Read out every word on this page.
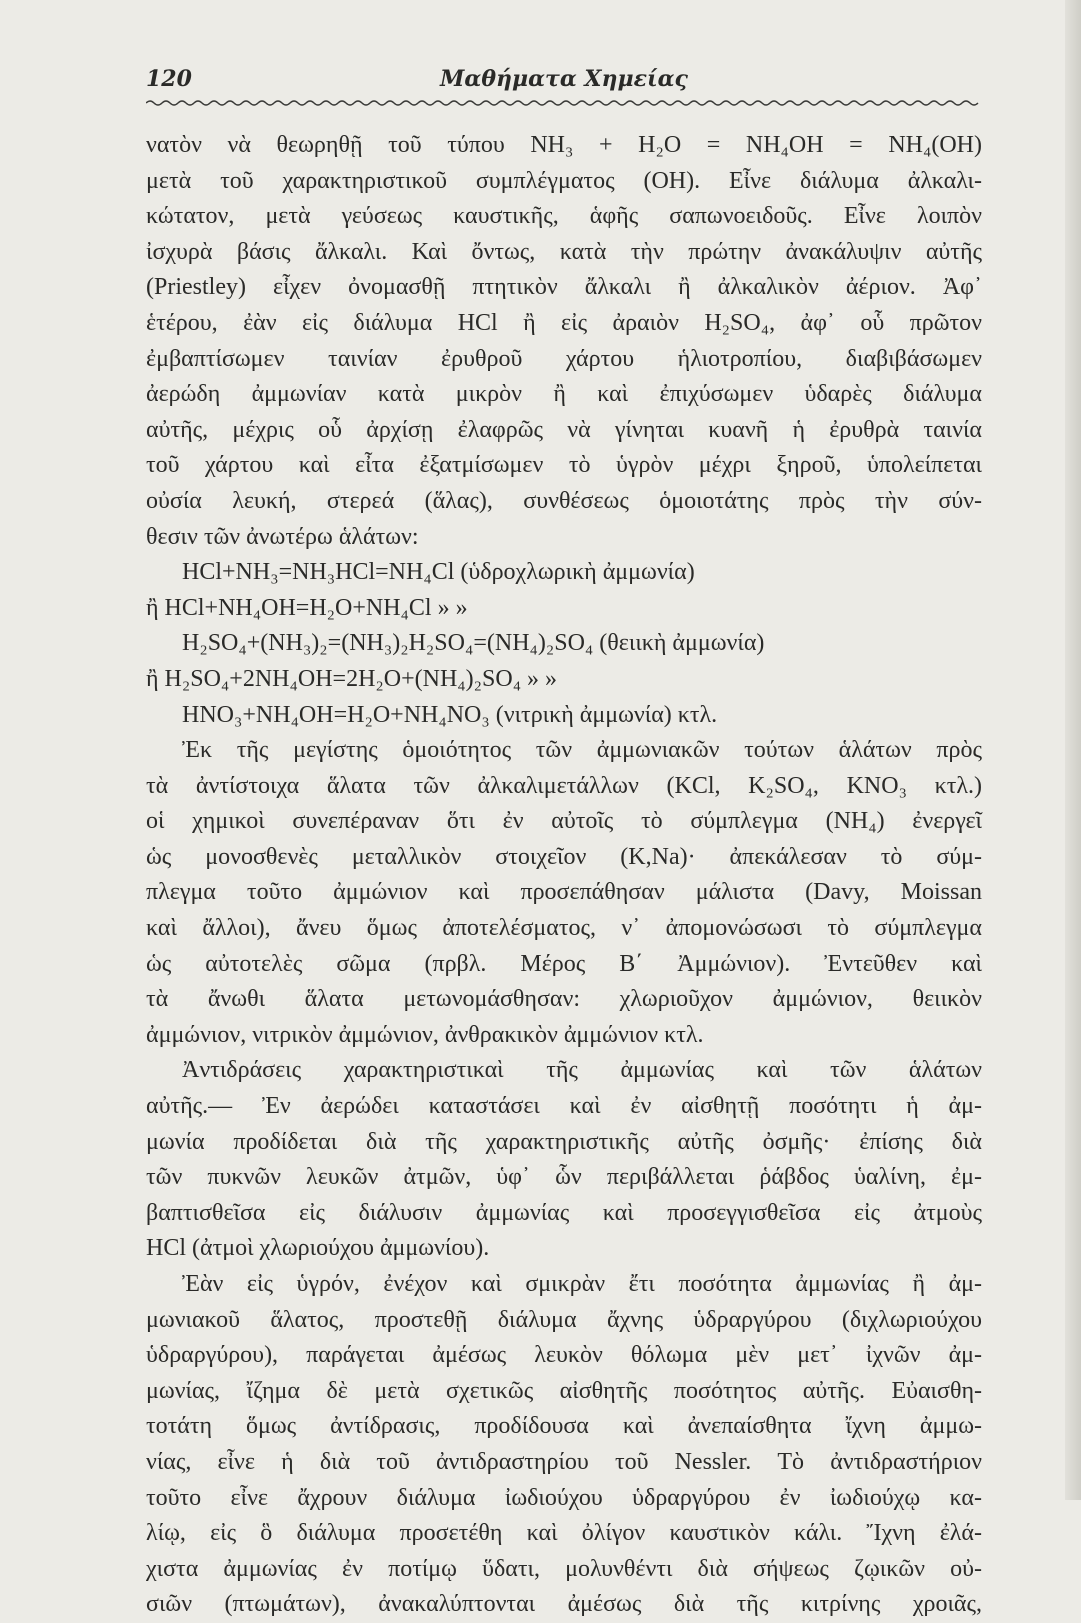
120	Μαθήματα Χημείας
νατὸν νὰ θεωρηθῇ τοῦ τύπου NH₃ + H₂O = NH₄OH = NH₄(OH)
μετὰ τοῦ χαρακτηριστικοῦ συμπλέγματος (OH). Εἶνε διάλυμα ἀλκαλι-
κώτατον, μετὰ γεύσεως καυστικῆς, ἁφῆς σαπωνοειδοῦς. Εἶνε λοιπὸν
ἰσχυρὰ βάσις ἄλκαλι. Καὶ ὄντως, κατὰ τὴν πρώτην ἀνακάλυψιν αὐτῆς
(Priestley) εἶχεν ὀνομασθῇ πτητικὸν ἄλκαλι ἢ ἀλκαλικὸν ἀέριον. Ἀφ᾽
ἑτέρου, ἐὰν εἰς διάλυμα HCl ἢ εἰς ἀραιὸν H₂SO₄, ἀφ᾽ οὗ πρῶτον
ἐμβαπτίσωμεν ταινίαν ἐρυθροῦ χάρτου ἡλιοτροπίου, διαβιβάσωμεν
ἀερώδη ἀμμωνίαν κατὰ μικρὸν ἢ καὶ ἐπιχύσωμεν ὑδαρὲς διάλυμα
αὐτῆς, μέχρις οὗ ἀρχίσῃ ἐλαφρῶς νὰ γίνηται κυανῆ ἡ ἐρυθρὰ ταινία
τοῦ χάρτου καὶ εἶτα ἐξατμίσωμεν τὸ ὑγρὸν μέχρι ξηροῦ, ὑπολείπεται
οὐσία λευκή, στερεά (ἅλας), συνθέσεως ὁμοιοτάτης πρὸς τὴν σύν-
θεσιν τῶν ἀνωτέρω ἁλάτων:
HCl+NH₃=NH₃HCl=NH₄Cl (ὑδροχλωρικὴ ἀμμωνία)
ἢ HCl+NH₄OH=H₂O+NH₄Cl » »
H₂SO₄+(NH₃)₂=(NH₃)₂H₂SO₄=(NH₄)₂SO₄ (θειικὴ ἀμμωνία)
ἢ H₂SO₄+2NH₄OH=2H₂O+(NH₄)₂SO₄ » »
HNO₃+NH₄OH=H₂O+NH₄NO₃ (νιτρικὴ ἀμμωνία) κτλ.
Ἐκ τῆς μεγίστης ὁμοιότητος τῶν ἀμμωνιακῶν τούτων ἁλάτων πρὸς
τὰ ἀντίστοιχα ἅλατα τῶν ἀλκαλιμετάλλων (KCl, K₂SO₄, KNO₃ κτλ.)
οἱ χημικοὶ συνεπέραναν ὅτι ἐν αὐτοῖς τὸ σύμπλεγμα (NH₄) ἐνεργεῖ
ὡς μονοσθενὲς μεταλλικὸν στοιχεῖον (K,Na)· ἀπεκάλεσαν τὸ σύμ-
πλεγμα τοῦτο ἀμμώνιον καὶ προσεπάθησαν μάλιστα (Davy, Moissan
καὶ ἄλλοι), ἄνευ ὅμως ἀποτελέσματος, ν᾽ ἀπομονώσωσι τὸ σύμπλεγμα
ὡς αὐτοτελὲς σῶμα (πρβλ. Μέρος Β΄ Ἀμμώνιον). Ἐντεῦθεν καὶ
τὰ ἄνωθι ἅλατα μετωνομάσθησαν: χλωριοῦχον ἀμμώνιον, θειικὸν
ἀμμώνιον, νιτρικὸν ἀμμώνιον, ἀνθρακικὸν ἀμμώνιον κτλ.
Ἀντιδράσεις χαρακτηριστικαὶ τῆς ἀμμωνίας καὶ τῶν ἁλάτων
αὐτῆς.— Ἐν ἀερώδει καταστάσει καὶ ἐν αἰσθητῇ ποσότητι ἡ ἀμ-
μωνία προδίδεται διὰ τῆς χαρακτηριστικῆς αὐτῆς ὀσμῆς· ἐπίσης διὰ
τῶν πυκνῶν λευκῶν ἀτμῶν, ὑφ᾽ ὧν περιβάλλεται ῥάβδος ὑαλίνη, ἐμ-
βαπτισθεῖσα εἰς διάλυσιν ἀμμωνίας καὶ προσεγγισθεῖσα εἰς ἀτμοὺς
HCl (ἀτμοὶ χλωριούχου ἀμμωνίου).
Ἐὰν εἰς ὑγρόν, ἐνέχον καὶ σμικρὰν ἔτι ποσότητα ἀμμωνίας ἢ ἀμ-
μωνιακοῦ ἅλατος, προστεθῇ διάλυμα ἄχνης ὑδραργύρου (διχλωριούχου
ὑδραργύρου), παράγεται ἀμέσως λευκὸν θόλωμα μὲν μετ᾽ ἰχνῶν ἀμ-
μωνίας, ἴζημα δὲ μετὰ σχετικῶς αἰσθητῆς ποσότητος αὐτῆς. Εὐαισθη-
τοτάτη ὅμως ἀντίδρασις, προδίδουσα καὶ ἀνεπαίσθητα ἴχνη ἀμμω-
νίας, εἶνε ἡ διὰ τοῦ ἀντιδραστηρίου τοῦ Nessler. Τὸ ἀντιδραστήριον
τοῦτο εἶνε ἄχρουν διάλυμα ἰωδιούχου ὑδραργύρου ἐν ἰωδιούχῳ κα-
λίῳ, εἰς ὃ διάλυμα προσετέθη καὶ ὀλίγον καυστικὸν κάλι. Ἴχνη ἐλά-
χιστα ἀμμωνίας ἐν ποτίμῳ ὕδατι, μολυνθέντι διὰ σήψεως ζῳικῶν οὐ-
σιῶν (πτωμάτων), ἀνακαλύπτονται ἀμέσως διὰ τῆς κιτρίνης χροιᾶς,
